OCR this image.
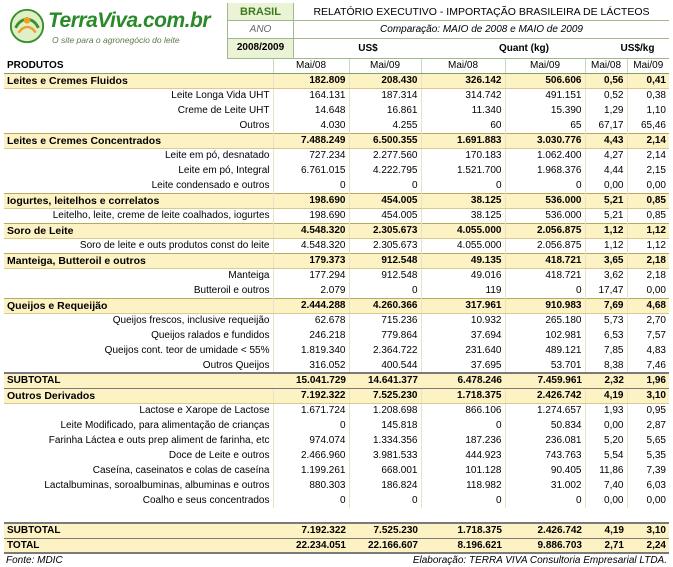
TerraViva.com.br
O site para o agronegócio do leite
BRASIL
ANO
2008/2009
RELATÓRIO EXECUTIVO - IMPORTAÇÃO BRASILEIRA DE LÁCTEOS
Comparação: MAIO de 2008 e MAIO de 2009
US$	Quant (kg)	US$/kg
PRODUTOS	Mai/08	Mai/09	Mai/08	Mai/09	Mai/08	Mai/09
Leites e Cremes Fluidos	182.809	208.430	326.142	506.606	0,56	0,41
Leite Longa Vida UHT	164.131	187.314	314.742	491.151	0,52	0,38
Creme de Leite UHT	14.648	16.861	11.340	15.390	1,29	1,10
Outros	4.030	4.255	60	65	67,17	65,46
Leites e Cremes Concentrados	7.488.249	6.500.355	1.691.883	3.030.776	4,43	2,14
Leite em pó, desnatado	727.234	2.277.560	170.183	1.062.400	4,27	2,14
Leite em pó, Integral	6.761.015	4.222.795	1.521.700	1.968.376	4,44	2,15
Leite condensado e outros	0	0	0	0	0,00	0,00
Iogurtes, leitelhos e correlatos	198.690	454.005	38.125	536.000	5,21	0,85
Leitelho, leite, creme de leite coalhados, iogurtes	198.690	454.005	38.125	536.000	5,21	0,85
Soro de Leite	4.548.320	2.305.673	4.055.000	2.056.875	1,12	1,12
Soro de leite e outs produtos const do leite	4.548.320	2.305.673	4.055.000	2.056.875	1,12	1,12
Manteiga, Butteroil e outros	179.373	912.548	49.135	418.721	3,65	2,18
Manteiga	177.294	912.548	49.016	418.721	3,62	2,18
Butteroil e outros	2.079	0	119	0	17,47	0,00
Queijos e Requeijão	2.444.288	4.260.366	317.961	910.983	7,69	4,68
Queijos frescos, inclusive requeijão	62.678	715.236	10.932	265.180	5,73	2,70
Queijos ralados e fundidos	246.218	779.864	37.694	102.981	6,53	7,57
Queijos cont. teor de umidade < 55%	1.819.340	2.364.722	231.640	489.121	7,85	4,83
Outros Queijos	316.052	400.544	37.695	53.701	8,38	7,46
SUBTOTAL	15.041.729	14.641.377	6.478.246	7.459.961	2,32	1,96
Outros Derivados	7.192.322	7.525.230	1.718.375	2.426.742	4,19	3,10
Lactose e Xarope de Lactose	1.671.724	1.208.698	866.106	1.274.657	1,93	0,95
Leite Modificado, para alimentação de crianças	0	145.818	0	50.834	0,00	2,87
Farinha Láctea e outs prep aliment de farinha, etc	974.074	1.334.356	187.236	236.081	5,20	5,65
Doce de Leite e outros	2.466.960	3.981.533	444.923	743.763	5,54	5,35
Caseína, caseinatos e colas de caseína	1.199.261	668.001	101.128	90.405	11,86	7,39
Lactalbuminas, soroalbuminas, albuminas e outros	880.303	186.824	118.982	31.002	7,40	6,03
Coalho e seus concentrados	0	0	0	0	0,00	0,00

SUBTOTAL	7.192.322	7.525.230	1.718.375	2.426.742	4,19	3,10
TOTAL	22.234.051	22.166.607	8.196.621	9.886.703	2,71	2,24
Fonte: MDIC	Elaboração: TERRA VIVA Consultoria Empresarial LTDA.
